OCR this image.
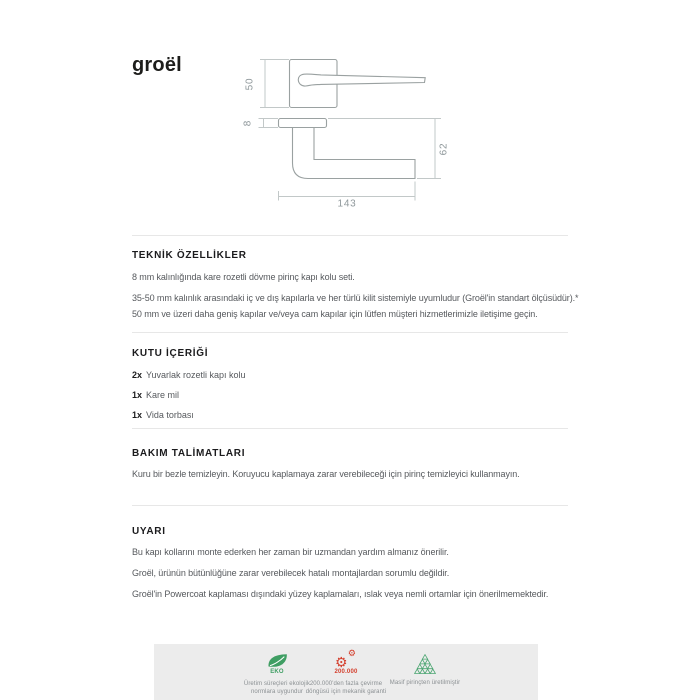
groël
50
8
62
143
TEKNİK ÖZELLİKLER
8 mm kalınlığında kare rozetli dövme pirinç kapı kolu seti.
35-50 mm kalınlık arasındaki iç ve dış kapılarla ve her türlü kilit sistemiyle uyumludur (Groël'in standart ölçüsüdür).*
50 mm ve üzeri daha geniş kapılar ve/veya cam kapılar için lütfen müşteri hizmetlerimizle iletişime geçin.
KUTU İÇERİĞİ
2x Yuvarlak rozetli kapı kolu
1x Kare mil
1x Vida torbası
BAKIM TALİMATLARI
Kuru bir bezle temizleyin. Koruyucu kaplamaya zarar verebileceği için pirinç temizleyici kullanmayın.
UYARI
Bu kapı kollarını monte ederken her zaman bir uzmandan yardım almanız önerilir.
Groël, ürünün bütünlüğüne zarar verebilecek hatalı montajlardan sorumlu değildir.
Groël'in Powercoat kaplaması dışındaki yüzey kaplamaları, ıslak veya nemli ortamlar için önerilmemektedir.
EKO
Üretim süreçleri ekolojik normlara uygundur
200.000
200.000'den fazla çevirme döngüsü için mekanik garanti
Masif pirinçten üretilmiştir
